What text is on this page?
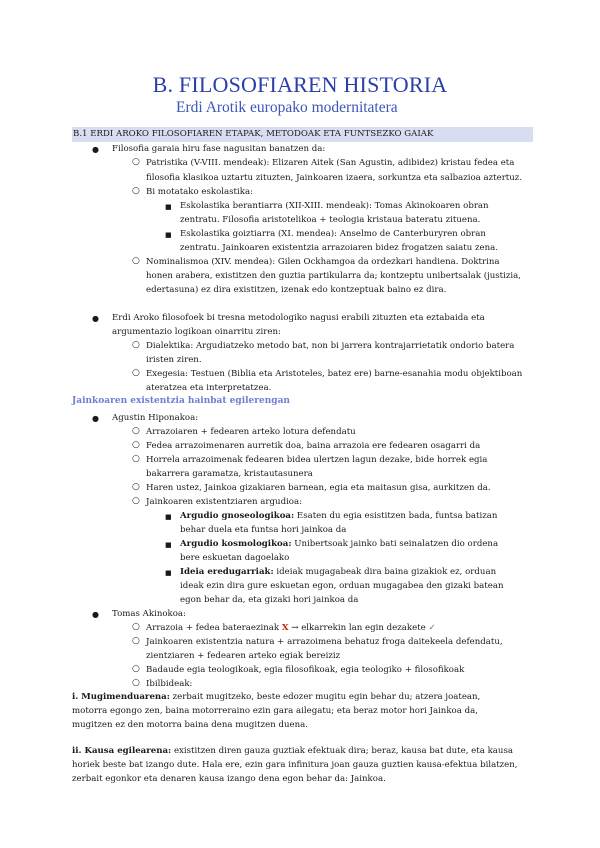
B. FILOSOFIAREN HISTORIA
Erdi Arotik europako modernitatera
B.1 ERDI AROKO FILOSOFIAREN ETAPAK, METODOAK ETA FUNTSEZKO GAIAK
● Filosofia garaia hiru fase nagusitan banatzen da:
○ Patristika (V-VIII. mendeak): Elizaren Aitek (San Agustin, adibidez) kristau fedea eta
filosofia klasikoa uztartu zituzten, Jainkoaren izaera, sorkuntza eta salbazioa aztertuz.
○ Bi motatako eskolastika:
■ Eskolastika berantiarra (XII-XIII. mendeak): Tomas Akinokoaren obran
zentratu. Filosofia aristotelikoa + teologia kristaua bateratu zituena.
■ Eskolastika goiztiarra (XI. mendea): Anselmo de Canterburyren obran
zentratu. Jainkoaren existentzia arrazoiaren bidez frogatzen saiatu zena.
○ Nominalismoa (XIV. mendea): Gilen Ockhamgoa da ordezkari handiena. Doktrina
honen arabera, existitzen den guztia partikularra da; kontzeptu unibertsalak (justizia,
edertasuna) ez dira existitzen, izenak edo kontzeptuak baino ez dira.
● Erdi Aroko filosofoek bi tresna metodologiko nagusi erabili zituzten eta eztabaida eta
argumentazio logikoan oinarritu ziren:
○ Dialektika: Argudiatzeko metodo bat, non bi jarrera kontrajarrietatik ondorio batera
iristen ziren.
○ Exegesia: Testuen (Biblia eta Aristoteles, batez ere) barne-esanahia modu objektiboan
ateratzea eta interpretatzea.
Jainkoaren existentzia hainbat egilerengan
● Agustin Hiponakoa:
○ Arrazoiaren + fedearen arteko lotura defendatu
○ Fedea arrazoimenaren aurretik doa, baina arrazoia ere fedearen osagarri da
○ Horrela arrazoimenak fedearen bidea ulertzen lagun dezake, bide horrek egia
bakarrera garamatza, kristautasunera
○ Haren ustez, Jainkoa gizakiaren barnean, egia eta maitasun gisa, aurkitzen da.
○ Jainkoaren existentziaren argudioa:
■ Argudio gnoseologikoa: Esaten du egia esistitzen bada, funtsa batizan
behar duela eta funtsa hori jainkoa da
■ Argudio kosmologikoa: Unibertsoak jainko bati seinalatzen dio ordena
bere eskuetan dagoelako
■ Ideia eredugarriak: ideiak mugagabeak dira baina gizakiok ez, orduan
ideak ezin dira gure eskuetan egon, orduan mugagabea den gizaki batean
egon behar da, eta gizaki hori jainkoa da
● Tomas Akinokoa:
○ Arrazoia + fedea bateraezinak X → elkarrekin lan egin dezakete ✓
○ Jainkoaren existentzia natura + arrazoimena behatuz froga daitekeela defendatu,
zientziaren + fedearen arteko egiak bereiziz
○ Badaude egia teologikoak, egia filosofikoak, egia teologiko + filosofikoak
○ Ibilbideak:
i. Mugimenduarena: zerbait mugitzeko, beste edozer mugitu egin behar du; atzera joatean,
motorra egongo zen, baina motorreraino ezin gara ailegatu; eta beraz motor hori Jainkoa da,
mugitzen ez den motorra baina dena mugitzen duena.
ii. Kausa egilearena: existitzen diren gauza guztiak efektuak dira; beraz, kausa bat dute, eta kausa
horiek beste bat izango dute. Hala ere, ezin gara infinitura joan gauza guztien kausa-efektua bilatzen,
zerbait egonkor eta denaren kausa izango dena egon behar da: Jainkoa.
